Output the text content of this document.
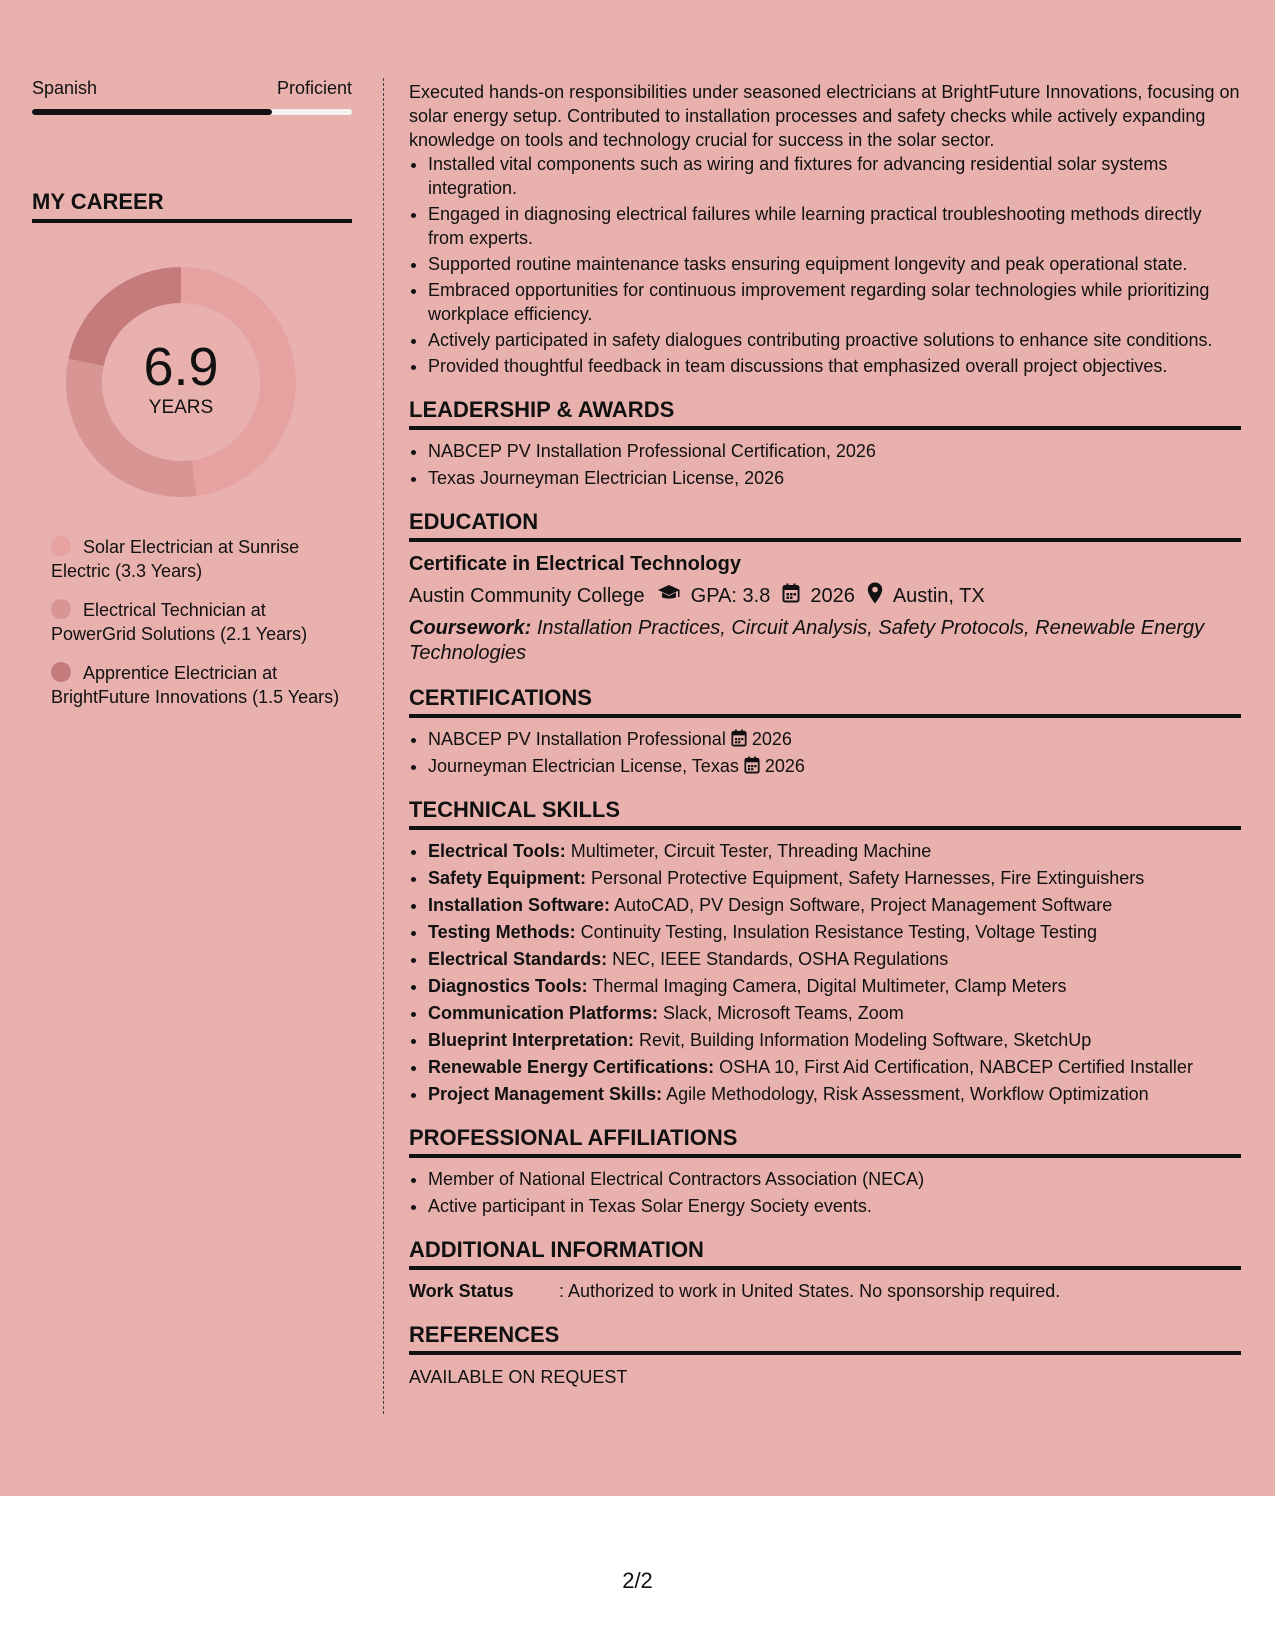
Spanish	Proficient
MY CAREER
6.9
YEARS
Solar Electrician at Sunrise Electric (3.3 Years)
Electrical Technician at PowerGrid Solutions (2.1 Years)
Apprentice Electrician at BrightFuture Innovations (1.5 Years)

Executed hands-on responsibilities under seasoned electricians at BrightFuture Innovations, focusing on solar energy setup. Contributed to installation processes and safety checks while actively expanding knowledge on tools and technology crucial for success in the solar sector.

• Installed vital components such as wiring and fixtures for advancing residential solar systems integration.
• Engaged in diagnosing electrical failures while learning practical troubleshooting methods directly from experts.
• Supported routine maintenance tasks ensuring equipment longevity and peak operational state.
• Embraced opportunities for continuous improvement regarding solar technologies while prioritizing workplace efficiency.
• Actively participated in safety dialogues contributing proactive solutions to enhance site conditions.
• Provided thoughtful feedback in team discussions that emphasized overall project objectives.
LEADERSHIP & AWARDS
• NABCEP PV Installation Professional Certification, 2026
• Texas Journeyman Electrician License, 2026
EDUCATION
Certificate in Electrical Technology
Austin Community College GPA: 3.8 2026 Austin, TX
Coursework: Installation Practices, Circuit Analysis, Safety Protocols, Renewable Energy Technologies
CERTIFICATIONS
• NABCEP PV Installation Professional 2026
• Journeyman Electrician License, Texas 2026
TECHNICAL SKILLS
• Electrical Tools: Multimeter, Circuit Tester, Threading Machine
• Safety Equipment: Personal Protective Equipment, Safety Harnesses, Fire Extinguishers
• Installation Software: AutoCAD, PV Design Software, Project Management Software
• Testing Methods: Continuity Testing, Insulation Resistance Testing, Voltage Testing
• Electrical Standards: NEC, IEEE Standards, OSHA Regulations
• Diagnostics Tools: Thermal Imaging Camera, Digital Multimeter, Clamp Meters
• Communication Platforms: Slack, Microsoft Teams, Zoom
• Blueprint Interpretation: Revit, Building Information Modeling Software, SketchUp
• Renewable Energy Certifications: OSHA 10, First Aid Certification, NABCEP Certified Installer
• Project Management Skills: Agile Methodology, Risk Assessment, Workflow Optimization
PROFESSIONAL AFFILIATIONS
• Member of National Electrical Contractors Association (NECA)
• Active participant in Texas Solar Energy Society events.
ADDITIONAL INFORMATION
Work Status	: Authorized to work in United States. No sponsorship required.
REFERENCES
AVAILABLE ON REQUEST
2/2
